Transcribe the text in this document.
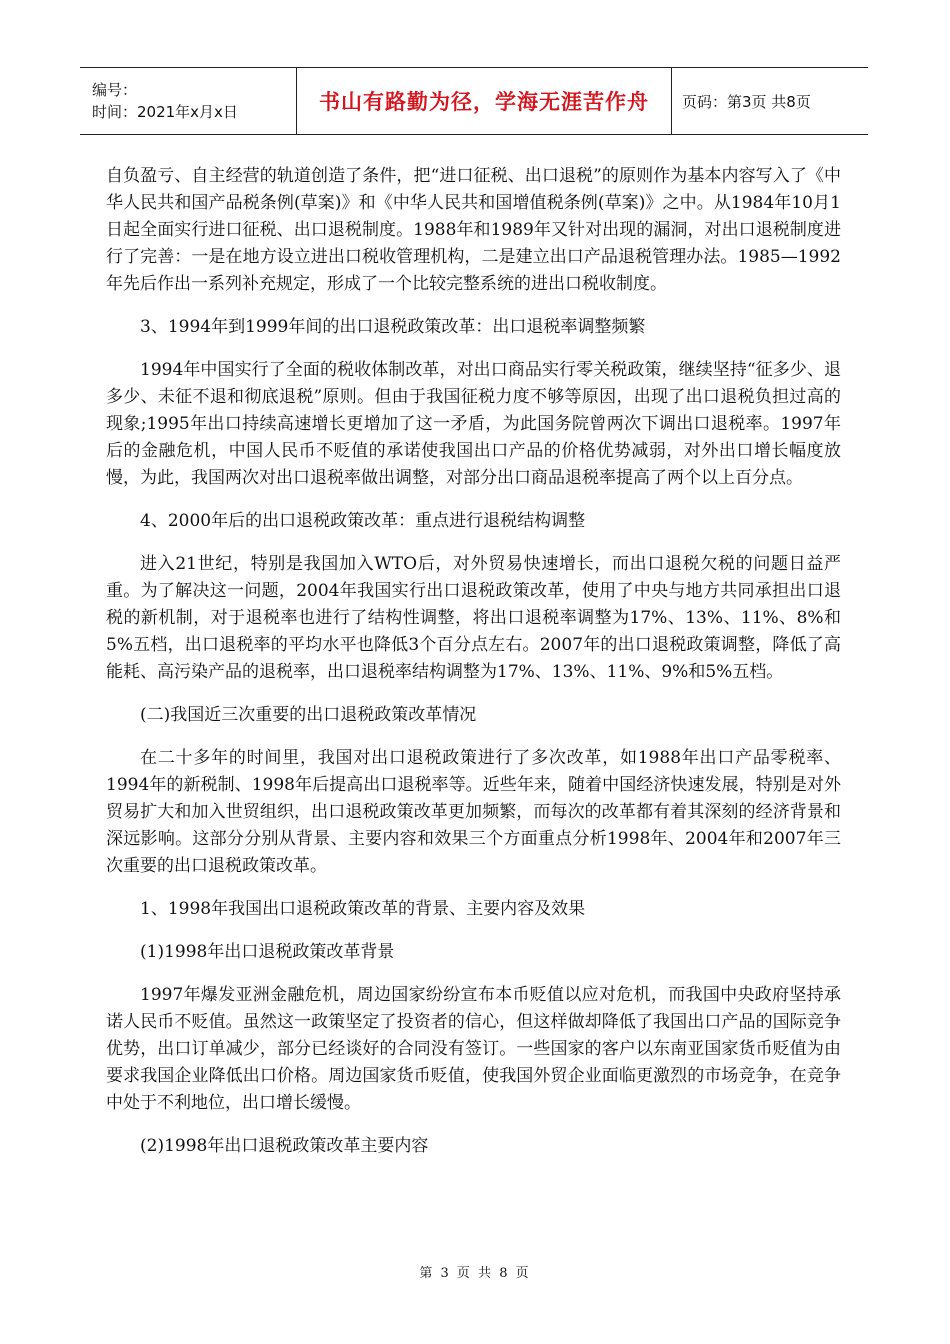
编号：
时间：2021年x月x日	书山有路勤为径，学海无涯苦作舟 页码：第3页 共8页

自负盈亏、自主经营的轨道创造了条件，把“进口征税、出口退税”的原则作为基本内容写入了《中华人民共和国产品税条例(草案)》和《中华人民共和国增值税条例(草案)》之中。从1984年10月1日起全面实行进口征税、出口退税制度。1988年和1989年又针对出现的漏洞，对出口退税制度进行了完善：一是在地方设立进出口税收管理机构，二是建立出口产品退税管理办法。1985—1992年先后作出一系列补充规定，形成了一个比较完整系统的进出口税收制度。

3、1994年到1999年间的出口退税政策改革：出口退税率调整频繁

1994年中国实行了全面的税收体制改革，对出口商品实行零关税政策，继续坚持“征多少、退多少、未征不退和彻底退税”原则。但由于我国征税力度不够等原因，出现了出口退税负担过高的现象;1995年出口持续高速增长更增加了这一矛盾，为此国务院曾两次下调出口退税率。1997年后的金融危机，中国人民币不贬值的承诺使我国出口产品的价格优势减弱，对外出口增长幅度放慢，为此，我国两次对出口退税率做出调整，对部分出口商品退税率提高了两个以上百分点。

4、2000年后的出口退税政策改革：重点进行退税结构调整

进入21世纪，特别是我国加入WTO后，对外贸易快速增长，而出口退税欠税的问题日益严重。为了解决这一问题，2004年我国实行出口退税政策改革，使用了中央与地方共同承担出口退税的新机制，对于退税率也进行了结构性调整，将出口退税率调整为17%、13%、11%、8%和5%五档，出口退税率的平均水平也降低3个百分点左右。2007年的出口退税政策调整，降低了高能耗、高污染产品的退税率，出口退税率结构调整为17%、13%、11%、9%和5%五档。

(二)我国近三次重要的出口退税政策改革情况

在二十多年的时间里，我国对出口退税政策进行了多次改革，如1988年出口产品零税率、1994年的新税制、1998年后提高出口退税率等。近些年来，随着中国经济快速发展，特别是对外贸易扩大和加入世贸组织，出口退税政策改革更加频繁，而每次的改革都有着其深刻的经济背景和深远影响。这部分分别从背景、主要内容和效果三个方面重点分析1998年、2004年和2007年三次重要的出口退税政策改革。

1、1998年我国出口退税政策改革的背景、主要内容及效果

(1)1998年出口退税政策改革背景

1997年爆发亚洲金融危机，周边国家纷纷宣布本币贬值以应对危机，而我国中央政府坚持承诺人民币不贬值。虽然这一政策坚定了投资者的信心，但这样做却降低了我国出口产品的国际竞争优势，出口订单减少，部分已经谈好的合同没有签订。一些国家的客户以东南亚国家货币贬值为由要求我国企业降低出口价格。周边国家货币贬值，使我国外贸企业面临更激烈的市场竞争，在竞争中处于不利地位，出口增长缓慢。

(2)1998年出口退税政策改革主要内容

第 3 页 共 8 页
